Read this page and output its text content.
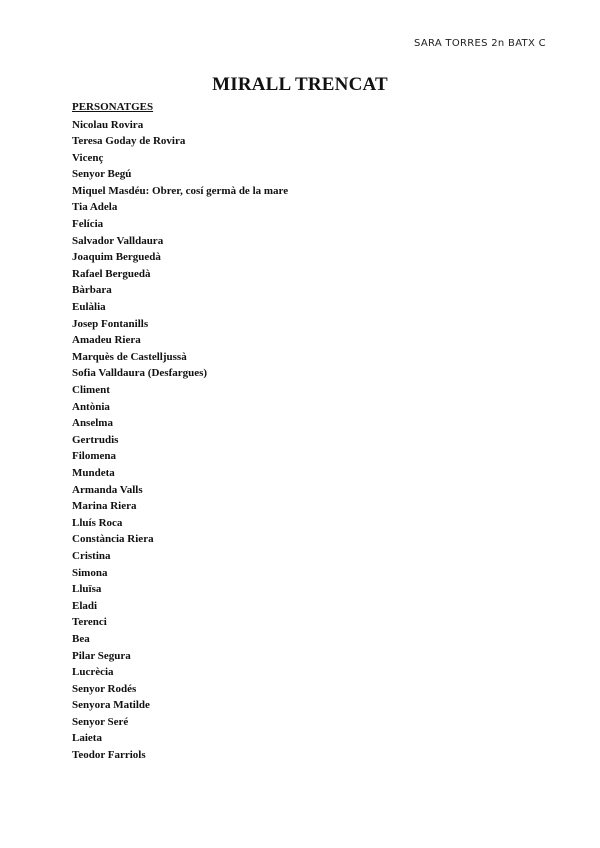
SARA TORRES 2n BATX C
MIRALL TRENCAT
PERSONATGES
Nicolau Rovira
Teresa Goday de Rovira
Vicenç
Senyor Begú
Miquel Masdéu: Obrer, cosí germà de la mare
Tia Adela
Felícia
Salvador Valldaura
Joaquim Berguedà
Rafael Berguedà
Bàrbara
Eulàlia
Josep Fontanills
Amadeu Riera
Marquès de Castelljussà
Sofia Valldaura (Desfargues)
Climent
Antònia
Anselma
Gertrudis
Filomena
Mundeta
Armanda Valls
Marina Riera
Lluís Roca
Constància Riera
Cristina
Simona
Lluïsa
Eladi
Terenci
Bea
Pilar Segura
Lucrècia
Senyor Rodés
Senyora Matilde
Senyor Seré
Laieta
Teodor Farriols
